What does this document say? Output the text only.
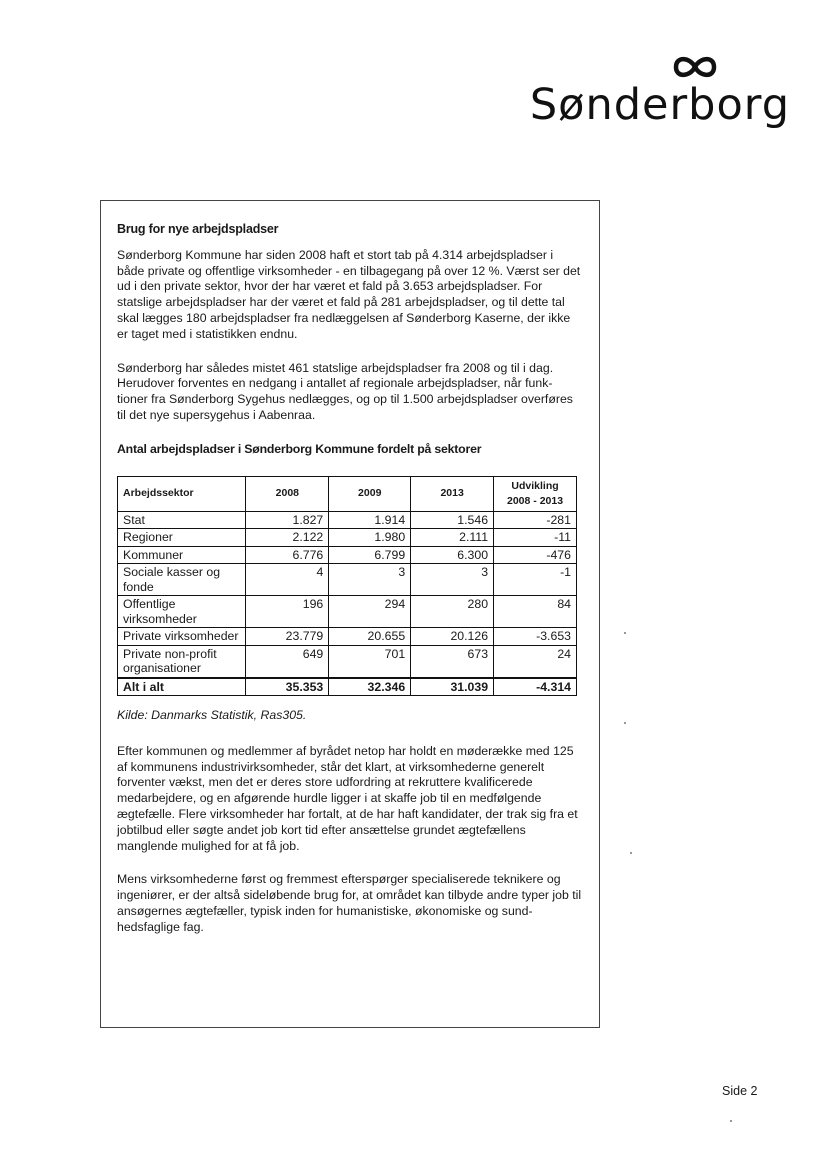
Sønderborg
Brug for nye arbejdspladser

Sønderborg Kommune har siden 2008 haft et stort tab på 4.314 arbejdspladser i både private og offentlige virksomheder - en tilbagegang på over 12 %. Værst ser det ud i den private sektor, hvor der har været et fald på 3.653 arbejdspladser. For statslige arbejdspladser har der været et fald på 281 arbejdspladser, og til dette tal skal lægges 180 arbejdspladser fra nedlæggelsen af Sønderborg Kaserne, der ikke er taget med i statistikken endnu.

Sønderborg har således mistet 461 statslige arbejdspladser fra 2008 og til i dag. Herudover forventes en nedgang i antallet af regionale arbejdspladser, når funk-tioner fra Sønderborg Sygehus nedlægges, og op til 1.500 arbejdspladser overføres til det nye supersygehus i Aabenraa.

Antal arbejdspladser i Sønderborg Kommune fordelt på sektorer
Arbejdssektor	2008	2009	2013	Udvikling
2008 - 2013
Stat	1.827	1.914	1.546	-281
Regioner	2.122	1.980	2.111	-11
Kommuner	6.776	6.799	6.300	-476
Sociale kasser og fonde	4	3	3	-1
Offentlige virksomheder	196	294	280	84
Private virksomheder	23.779	20.655	20.126	-3.653
Private non-profit organisationer	649	701	673	24
Alt i alt	35.353	32.346	31.039	-4.314

Kilde: Danmarks Statistik, Ras305.

Efter kommunen og medlemmer af byrådet netop har holdt en møderække med 125 af kommunens industrivirksomheder, står det klart, at virksomhederne generelt forventer vækst, men det er deres store udfordring at rekruttere kvalificerede medarbejdere, og en afgørende hurdle ligger i at skaffe job til en medfølgende ægtefælle. Flere virksomheder har fortalt, at de har haft kandidater, der trak sig fra et jobtilbud eller søgte andet job kort tid efter ansættelse grundet ægtefællens manglende mulighed for at få job.

Mens virksomhederne først og fremmest efterspørger specialiserede teknikere og ingeniører, er der altså sideløbende brug for, at området kan tilbyde andre typer job til ansøgernes ægtefæller, typisk inden for humanistiske, økonomiske og sund-hedsfaglige fag.

Side 2
